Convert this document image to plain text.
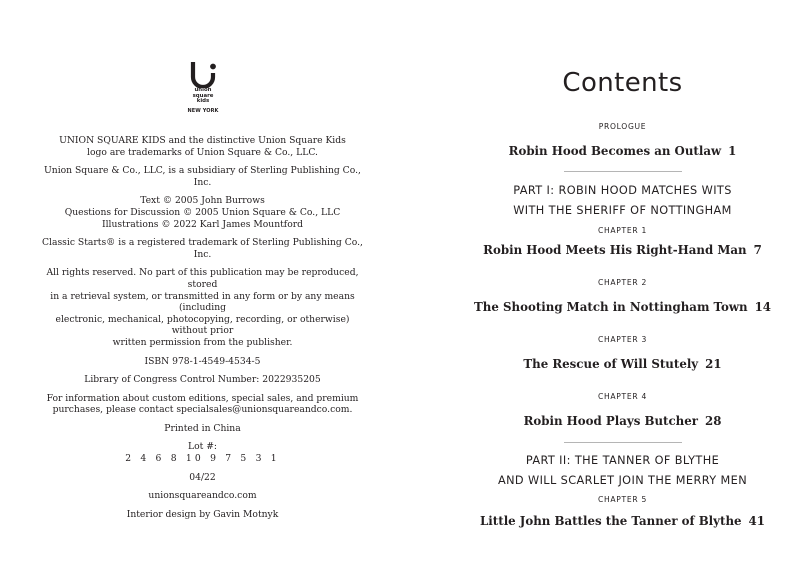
union
square
kids
NEW YORK

UNION SQUARE KIDS and the distinctive Union Square Kids
logo are trademarks of Union Square & Co., LLC.

Union Square & Co., LLC, is a subsidiary of Sterling Publishing Co., Inc.

Text © 2005 John Burrows
Questions for Discussion © 2005 Union Square & Co., LLC
Illustrations © 2022 Karl James Mountford

Classic Starts® is a registered trademark of Sterling Publishing Co., Inc.

All rights reserved. No part of this publication may be reproduced, stored
in a retrieval system, or transmitted in any form or by any means (including
electronic, mechanical, photocopying, recording, or otherwise) without prior
written permission from the publisher.

ISBN 978-1-4549-4534-5

Library of Congress Control Number: 2022935205

For information about custom editions, special sales, and premium
purchases, please contact specialsales@unionsquareandco.com.

Printed in China

Lot #:
2 4 6 8 10 9 7 5 3 1

04/22

unionsquareandco.com

Interior design by Gavin Motnyk

Contents
PROLOGUE
Robin Hood Becomes an Outlaw 1
PART I: ROBIN HOOD MATCHES WITS
WITH THE SHERIFF OF NOTTINGHAM
CHAPTER 1
Robin Hood Meets His Right-Hand Man 7
CHAPTER 2
The Shooting Match in Nottingham Town 14
CHAPTER 3
The Rescue of Will Stutely 21
CHAPTER 4
Robin Hood Plays Butcher 28
PART II: THE TANNER OF BLYTHE
AND WILL SCARLET JOIN THE MERRY MEN
CHAPTER 5
Little John Battles the Tanner of Blythe 41
